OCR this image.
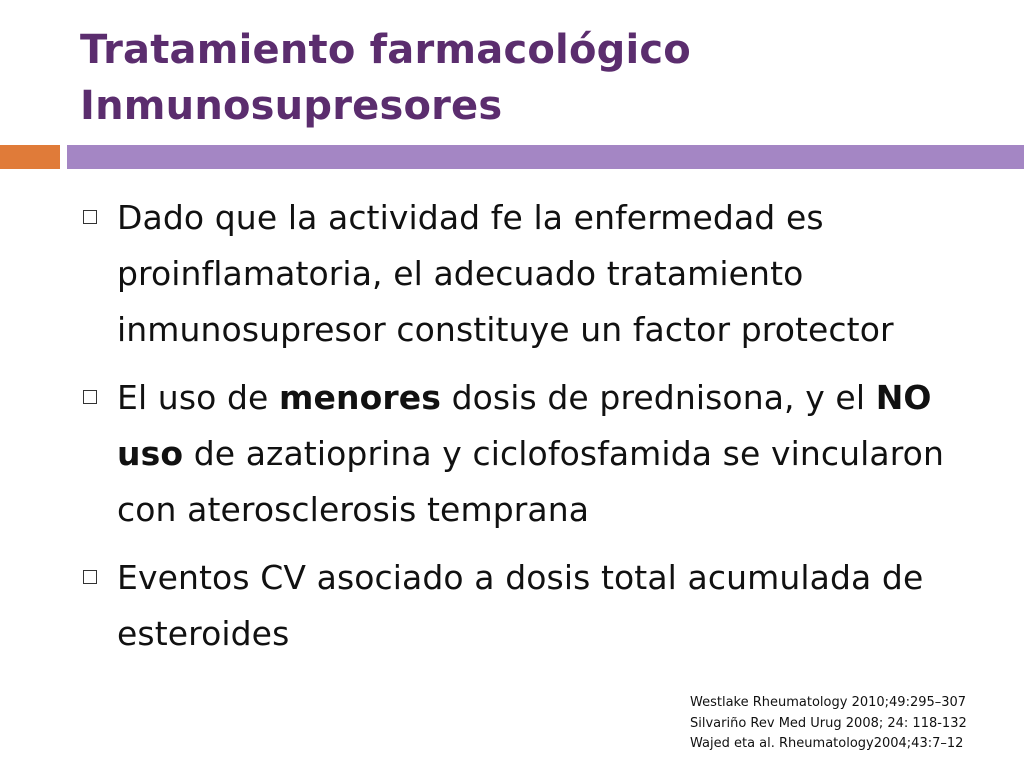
Tratamiento farmacológico
Inmunosupresores
Dado que la actividad fe la enfermedad es proinflamatoria, el adecuado tratamiento inmunosupresor constituye un factor protector
El uso de menores dosis de prednisona, y el NO uso de azatioprina y ciclofosfamida se vincularon con aterosclerosis temprana
Eventos CV asociado a dosis total acumulada de esteroides
Westlake Rheumatology 2010;49:295–307
Silvariño Rev Med Urug 2008; 24: 118-132
Wajed eta al. Rheumatology2004;43:7–12
